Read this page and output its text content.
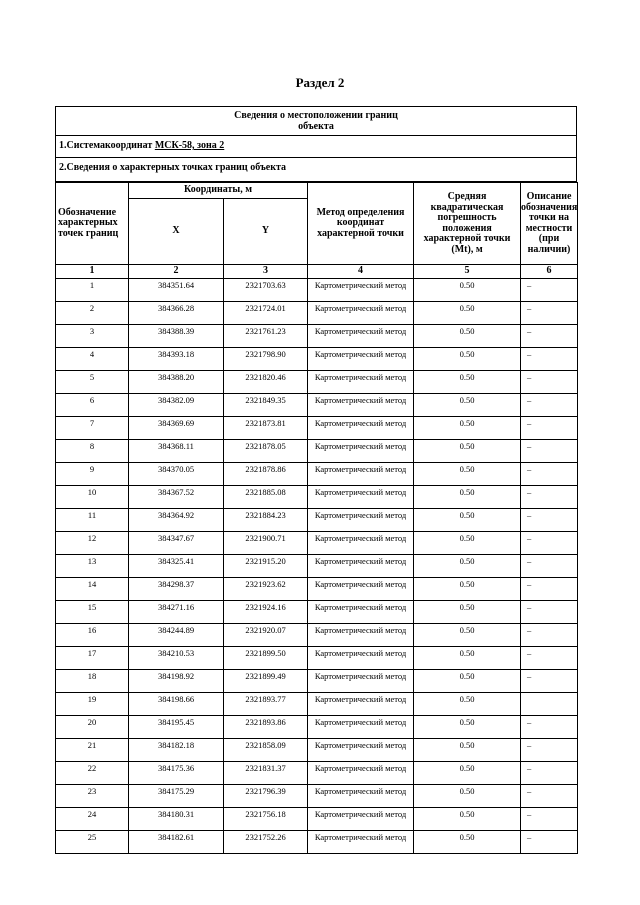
Раздел 2
Сведения о местоположении границ
объекта
1.Системакоординат МСК-58, зона 2
2.Сведения о характерных точках границ объекта
Обозначение характерных точек границ	Координаты, м		Метод определения координат характерной точки	Средняя квадратическая погрешность положения характерной точки (Mt), м	Описание обозначения точки на местности (при наличии)
	X	Y			
1	2	3	4	5	6
1	384351.64	2321703.63	Картометрический метод	0.50	–
2	384366.28	2321724.01	Картометрический метод	0.50	–
3	384388.39	2321761.23	Картометрический метод	0.50	–
4	384393.18	2321798.90	Картометрический метод	0.50	–
5	384388.20	2321820.46	Картометрический метод	0.50	–
6	384382.09	2321849.35	Картометрический метод	0.50	–
7	384369.69	2321873.81	Картометрический метод	0.50	–
8	384368.11	2321878.05	Картометрический метод	0.50	–
9	384370.05	2321878.86	Картометрический метод	0.50	–
10	384367.52	2321885.08	Картометрический метод	0.50	–
11	384364.92	2321884.23	Картометрический метод	0.50	–
12	384347.67	2321900.71	Картометрический метод	0.50	–
13	384325.41	2321915.20	Картометрический метод	0.50	–
14	384298.37	2321923.62	Картометрический метод	0.50	–
15	384271.16	2321924.16	Картометрический метод	0.50	–
16	384244.89	2321920.07	Картометрический метод	0.50	–
17	384210.53	2321899.50	Картометрический метод	0.50	–
18	384198.92	2321899.49	Картометрический метод	0.50	–
19	384198.66	2321893.77	Картометрический метод	0.50	
20	384195.45	2321893.86	Картометрический метод	0.50	–
21	384182.18	2321858.09	Картометрический метод	0.50	–
22	384175.36	2321831.37	Картометрический метод	0.50	–
23	384175.29	2321796.39	Картометрический метод	0.50	–
24	384180.31	2321756.18	Картометрический метод	0.50	–
25	384182.61	2321752.26	Картометрический метод	0.50	–
